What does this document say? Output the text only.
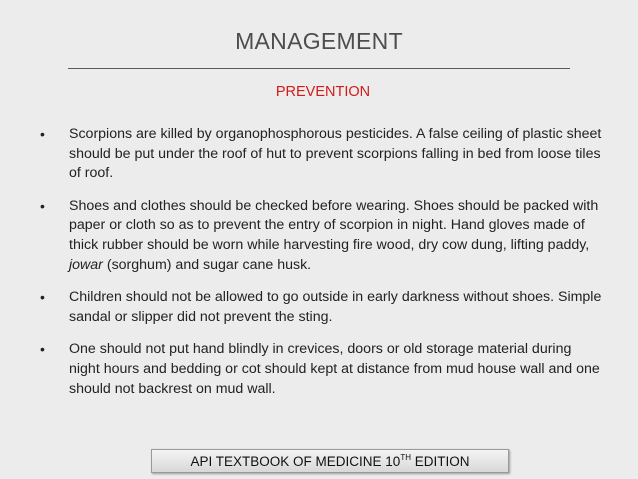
MANAGEMENT
PREVENTION
• Scorpions are killed by organophosphorous pesticides. A false ceiling of plastic sheet should be put under the roof of hut to prevent scorpions falling in bed from loose tiles of roof.
• Shoes and clothes should be checked before wearing. Shoes should be packed with paper or cloth so as to prevent the entry of scorpion in night. Hand gloves made of thick rubber should be worn while harvesting fire wood, dry cow dung, lifting paddy, jowar (sorghum) and sugar cane husk.
• Children should not be allowed to go outside in early darkness without shoes. Simple sandal or slipper did not prevent the sting.
• One should not put hand blindly in crevices, doors or old storage material during night hours and bedding or cot should kept at distance from mud house wall and one should not backrest on mud wall.
API TEXTBOOK OF MEDICINE 10TH EDITION
